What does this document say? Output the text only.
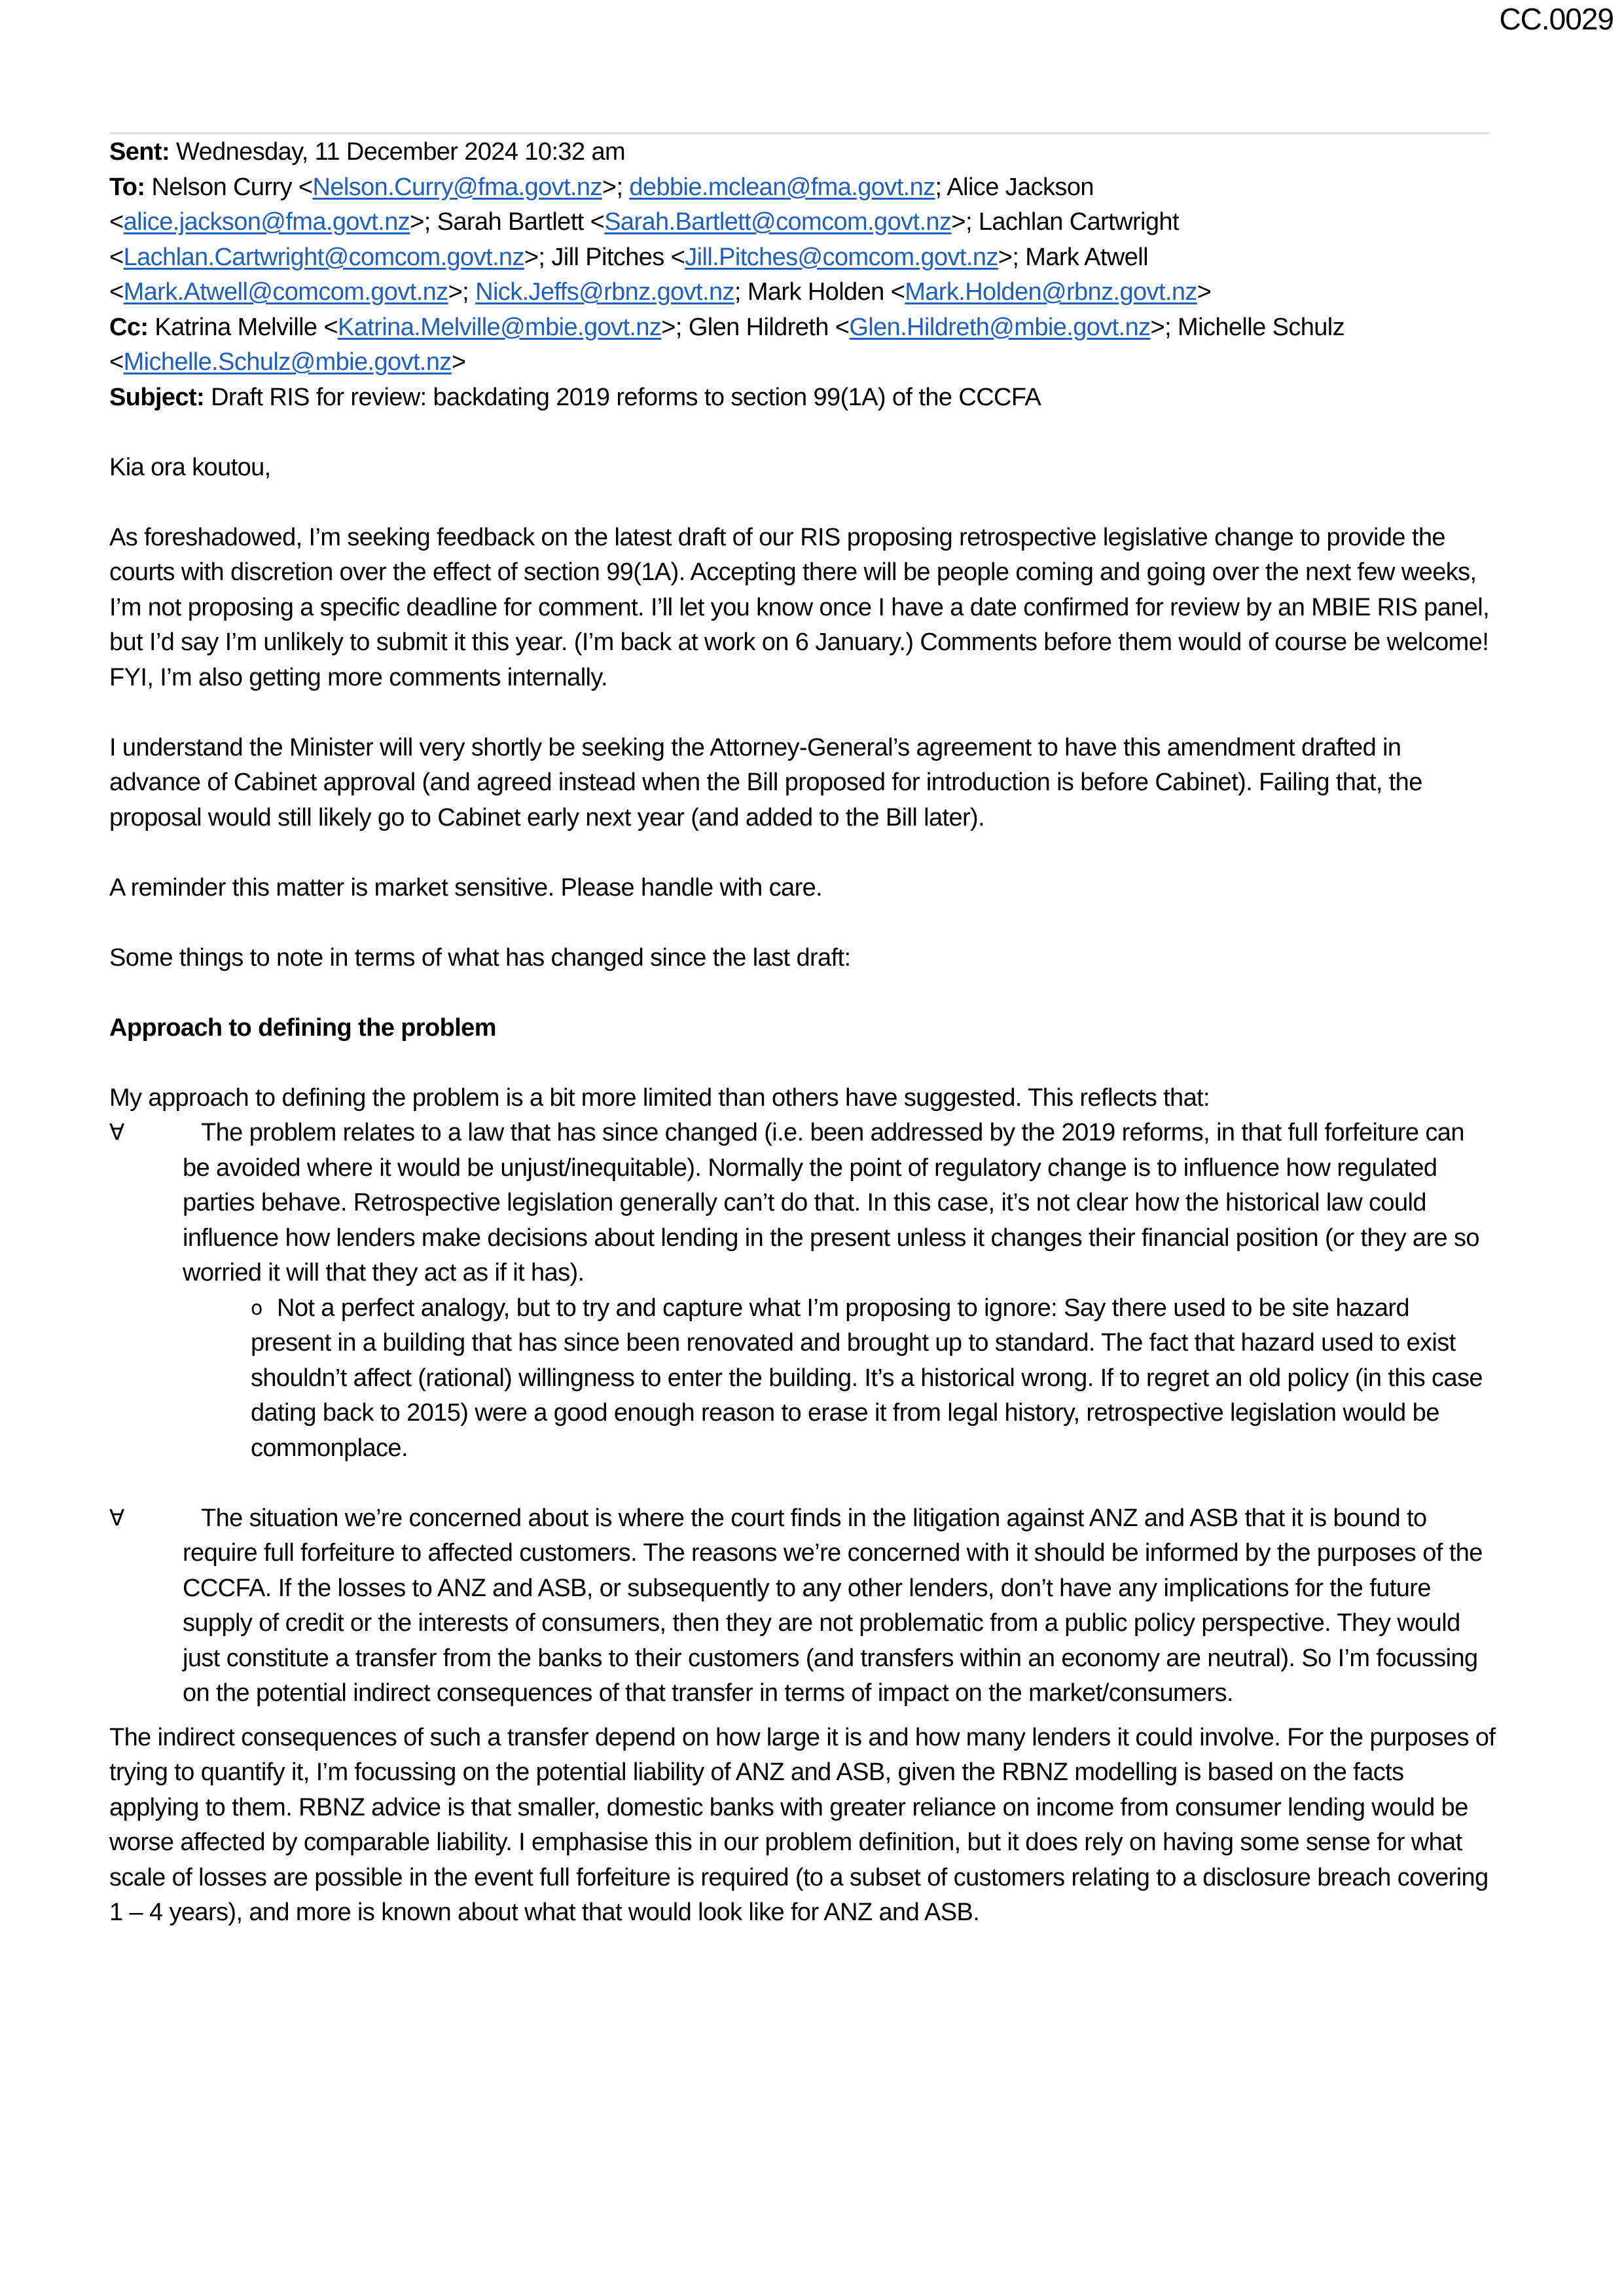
CC.0029
Sent: Wednesday, 11 December 2024 10:32 am
To: Nelson Curry <Nelson.Curry@fma.govt.nz>; debbie.mclean@fma.govt.nz; Alice Jackson
<alice.jackson@fma.govt.nz>; Sarah Bartlett <Sarah.Bartlett@comcom.govt.nz>; Lachlan Cartwright
<Lachlan.Cartwright@comcom.govt.nz>; Jill Pitches <Jill.Pitches@comcom.govt.nz>; Mark Atwell
<Mark.Atwell@comcom.govt.nz>; Nick.Jeffs@rbnz.govt.nz; Mark Holden <Mark.Holden@rbnz.govt.nz>
Cc: Katrina Melville <Katrina.Melville@mbie.govt.nz>; Glen Hildreth <Glen.Hildreth@mbie.govt.nz>; Michelle Schulz
<Michelle.Schulz@mbie.govt.nz>
Subject: Draft RIS for review: backdating 2019 reforms to section 99(1A) of the CCCFA

Kia ora koutou,

As foreshadowed, I’m seeking feedback on the latest draft of our RIS proposing retrospective legislative change to provide the courts with discretion over the effect of section 99(1A). Accepting there will be people coming and going over the next few weeks, I’m not proposing a specific deadline for comment. I’ll let you know once I have a date confirmed for review by an MBIE RIS panel, but I’d say I’m unlikely to submit it this year. (I’m back at work on 6 January.) Comments before them would of course be welcome! FYI, I’m also getting more comments internally.

I understand the Minister will very shortly be seeking the Attorney-General’s agreement to have this amendment drafted in advance of Cabinet approval (and agreed instead when the Bill proposed for introduction is before Cabinet). Failing that, the proposal would still likely go to Cabinet early next year (and added to the Bill later).

A reminder this matter is market sensitive. Please handle with care.

Some things to note in terms of what has changed since the last draft:

Approach to defining the problem

My approach to defining the problem is a bit more limited than others have suggested. This reflects that:

∀	The problem relates to a law that has since changed (i.e. been addressed by the 2019 reforms, in that full forfeiture can be avoided where it would be unjust/inequitable). Normally the point of regulatory change is to influence how regulated parties behave. Retrospective legislation generally can’t do that. In this case, it’s not clear how the historical law could influence how lenders make decisions about lending in the present unless it changes their financial position (or they are so worried it will that they act as if it has).
o Not a perfect analogy, but to try and capture what I’m proposing to ignore: Say there used to be site hazard present in a building that has since been renovated and brought up to standard. The fact that hazard used to exist shouldn’t affect (rational) willingness to enter the building. It’s a historical wrong. If to regret an old policy (in this case dating back to 2015) were a good enough reason to erase it from legal history, retrospective legislation would be commonplace.
∀	The situation we’re concerned about is where the court finds in the litigation against ANZ and ASB that it is bound to require full forfeiture to affected customers. The reasons we’re concerned with it should be informed by the purposes of the CCCFA. If the losses to ANZ and ASB, or subsequently to any other lenders, don’t have any implications for the future supply of credit or the interests of consumers, then they are not problematic from a public policy perspective. They would just constitute a transfer from the banks to their customers (and transfers within an economy are neutral). So I’m focussing on the potential indirect consequences of that transfer in terms of impact on the market/consumers.

The indirect consequences of such a transfer depend on how large it is and how many lenders it could involve. For the purposes of trying to quantify it, I’m focussing on the potential liability of ANZ and ASB, given the RBNZ modelling is based on the facts applying to them. RBNZ advice is that smaller, domestic banks with greater reliance on income from consumer lending would be worse affected by comparable liability. I emphasise this in our problem definition, but it does rely on having some sense for what scale of losses are possible in the event full forfeiture is required (to a subset of customers relating to a disclosure breach covering 1 – 4 years), and more is known about what that would look like for ANZ and ASB.
